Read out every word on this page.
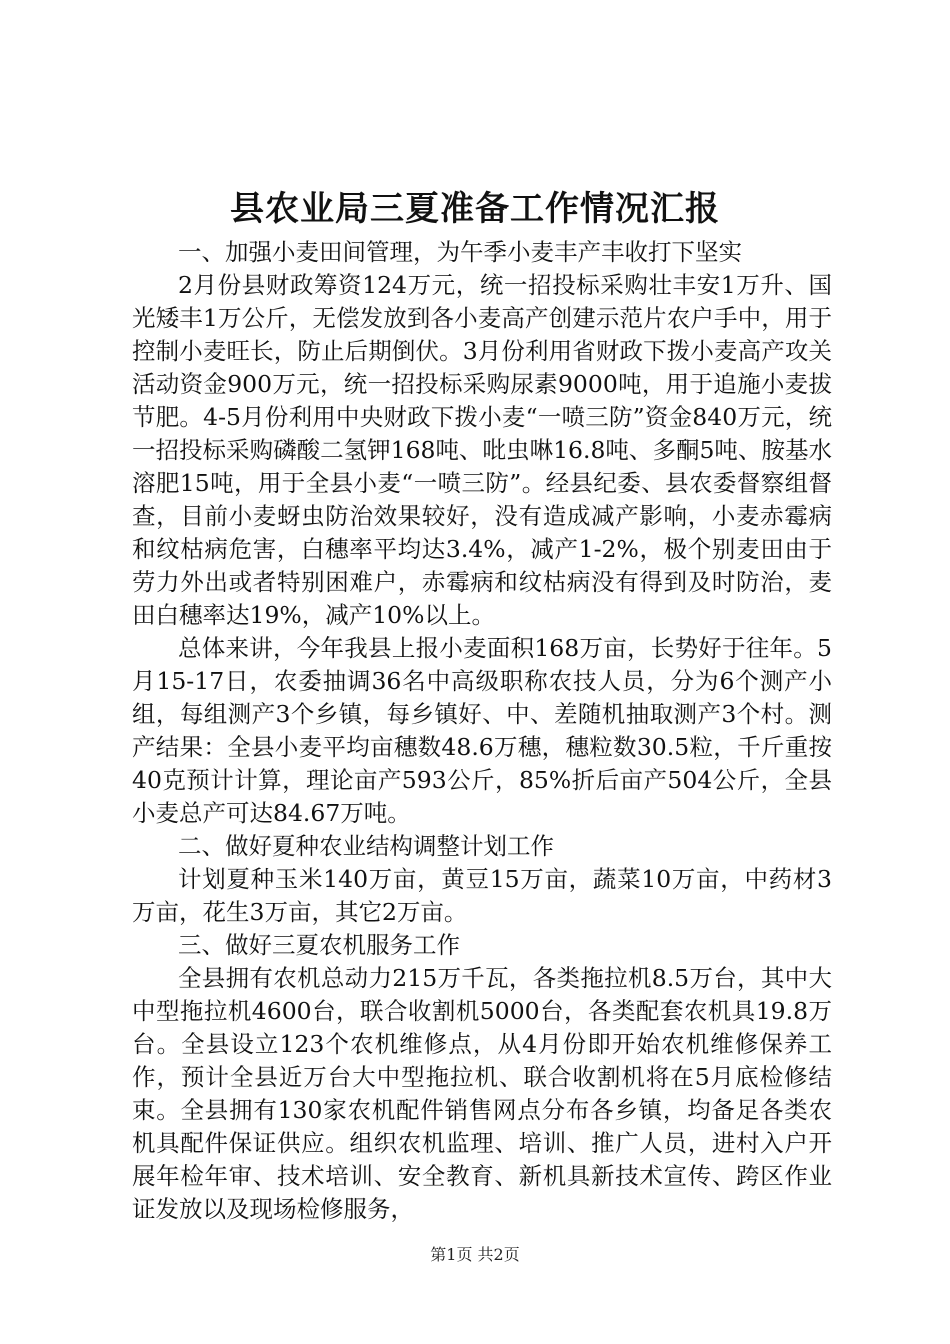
县农业局三夏准备工作情况汇报

一、加强小麦田间管理，为午季小麦丰产丰收打下坚实

2月份县财政筹资124万元，统一招投标采购壮丰安1万升、国光矮丰1万公斤，无偿发放到各小麦高产创建示范片农户手中，用于控制小麦旺长，防止后期倒伏。3月份利用省财政下拨小麦高产攻关活动资金900万元，统一招投标采购尿素9000吨，用于追施小麦拔节肥。4-5月份利用中央财政下拨小麦“一喷三防”资金840万元，统一招投标采购磷酸二氢钾168吨、吡虫啉16.8吨、多酮5吨、胺基水溶肥15吨，用于全县小麦“一喷三防”。经县纪委、县农委督察组督查，目前小麦蚜虫防治效果较好，没有造成减产影响，小麦赤霉病和纹枯病危害，白穗率平均达3.4%，减产1-2%，极个别麦田由于劳力外出或者特别困难户，赤霉病和纹枯病没有得到及时防治，麦田白穗率达19%，减产10%以上。

总体来讲，今年我县上报小麦面积168万亩，长势好于往年。5月15-17日，农委抽调36名中高级职称农技人员，分为6个测产小组，每组测产3个乡镇，每乡镇好、中、差随机抽取测产3个村。测产结果：全县小麦平均亩穗数48.6万穗，穗粒数30.5粒，千斤重按40克预计计算，理论亩产593公斤，85%折后亩产504公斤，全县小麦总产可达84.67万吨。

二、做好夏种农业结构调整计划工作

计划夏种玉米140万亩，黄豆15万亩，蔬菜10万亩，中药材3万亩，花生3万亩，其它2万亩。

三、做好三夏农机服务工作

全县拥有农机总动力215万千瓦，各类拖拉机8.5万台，其中大中型拖拉机4600台，联合收割机5000台，各类配套农机具19.8万台。全县设立123个农机维修点，从4月份即开始农机维修保养工作，预计全县近万台大中型拖拉机、联合收割机将在5月底检修结束。全县拥有130家农机配件销售网点分布各乡镇，均备足各类农机具配件保证供应。组织农机监理、培训、推广人员，进村入户开展年检年审、技术培训、安全教育、新机具新技术宣传、跨区作业证发放以及现场检修服务，

第1页 共2页
